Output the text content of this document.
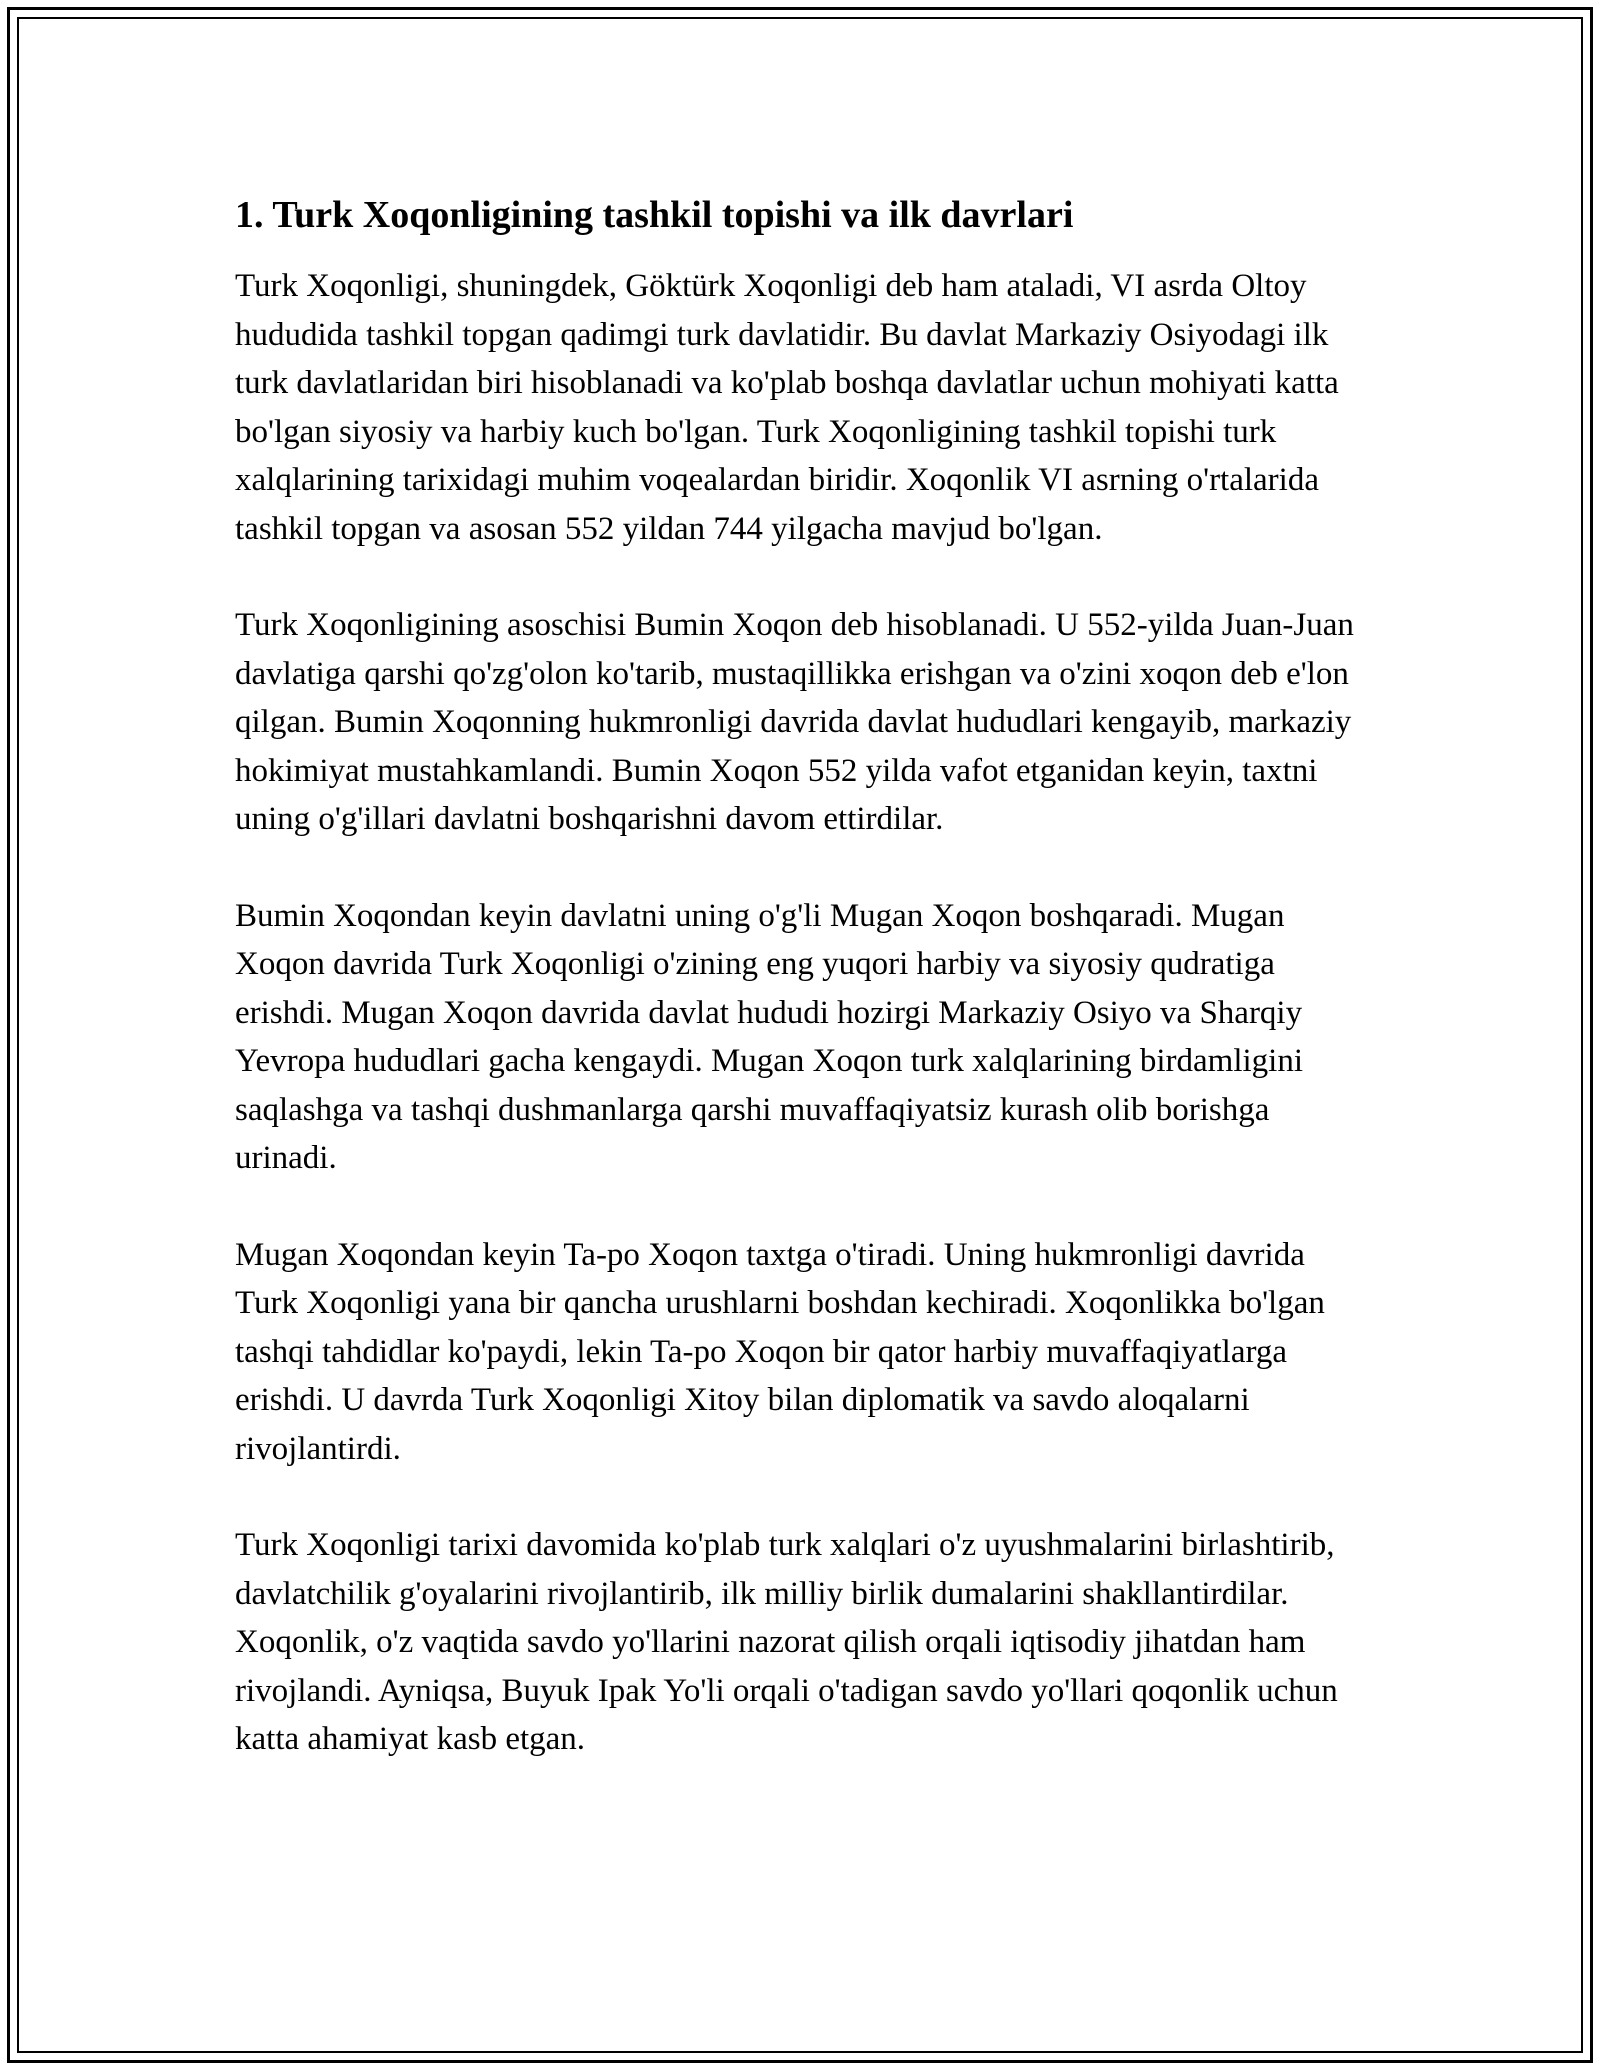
1. Turk Xoqonligining tashkil topishi va ilk davrlari

Turk Xoqonligi, shuningdek, Göktürk Xoqonligi deb ham ataladi, VI asrda Oltoy hududida tashkil topgan qadimgi turk davlatidir. Bu davlat Markaziy Osiyodagi ilk turk davlatlaridan biri hisoblanadi va ko'plab boshqa davlatlar uchun mohiyati katta bo'lgan siyosiy va harbiy kuch bo'lgan. Turk Xoqonligining tashkil topishi turk xalqlarining tarixidagi muhim voqealardan biridir. Xoqonlik VI asrning o'rtalarida tashkil topgan va asosan 552 yildan 744 yilgacha mavjud bo'lgan.

Turk Xoqonligining asoschisi Bumin Xoqon deb hisoblanadi. U 552-yilda Juan-Juan davlatiga qarshi qo'zg'olon ko'tarib, mustaqillikka erishgan va o'zini xoqon deb e'lon qilgan. Bumin Xoqonning hukmronligi davrida davlat hududlari kengayib, markaziy hokimiyat mustahkamlandi. Bumin Xoqon 552 yilda vafot etganidan keyin, taxtni uning o'g'illari davlatni boshqarishni davom ettirdilar.

Bumin Xoqondan keyin davlatni uning o'g'li Mugan Xoqon boshqaradi. Mugan Xoqon davrida Turk Xoqonligi o'zining eng yuqori harbiy va siyosiy qudratiga erishdi. Mugan Xoqon davrida davlat hududi hozirgi Markaziy Osiyo va Sharqiy Yevropa hududlari gacha kengaydi. Mugan Xoqon turk xalqlarining birdamligini saqlashga va tashqi dushmanlarga qarshi muvaffaqiyatsiz kurash olib borishga urinadi.

Mugan Xoqondan keyin Ta-po Xoqon taxtga o'tiradi. Uning hukmronligi davrida Turk Xoqonligi yana bir qancha urushlarni boshdan kechiradi. Xoqonlikka bo'lgan tashqi tahdidlar ko'paydi, lekin Ta-po Xoqon bir qator harbiy muvaffaqiyatlarga erishdi. U davrda Turk Xoqonligi Xitoy bilan diplomatik va savdo aloqalarni rivojlantirdi.

Turk Xoqonligi tarixi davomida ko'plab turk xalqlari o'z uyushmalarini birlashtirib, davlatchilik g'oyalarini rivojlantirib, ilk milliy birlik dumalarini shakllantirdilar. Xoqonlik, o'z vaqtida savdo yo'llarini nazorat qilish orqali iqtisodiy jihatdan ham rivojlandi. Ayniqsa, Buyuk Ipak Yo'li orqali o'tadigan savdo yo'llari qoqonlik uchun katta ahamiyat kasb etgan.
